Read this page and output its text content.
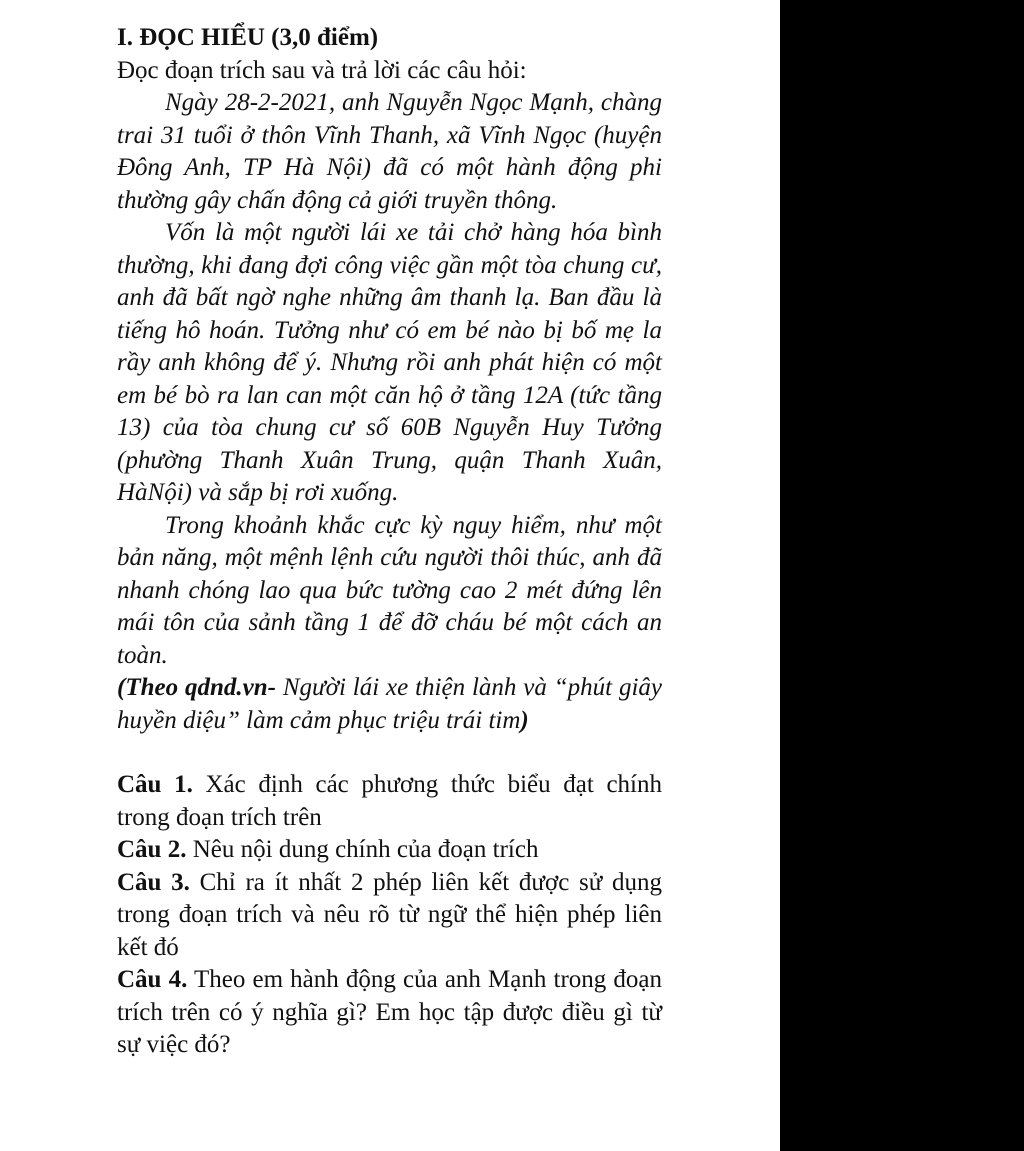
I. ĐỌC HIỂU (3,0 điểm)

Đọc đoạn trích sau và trả lời các câu hỏi:

Ngày 28-2-2021, anh Nguyễn Ngọc Mạnh, chàng trai 31 tuổi ở thôn Vĩnh Thanh, xã Vĩnh Ngọc (huyện Đông Anh, TP Hà Nội) đã có một hành động phi thường gây chấn động cả giới truyền thông.

Vốn là một người lái xe tải chở hàng hóa bình thường, khi đang đợi công việc gần một tòa chung cư, anh đã bất ngờ nghe những âm thanh lạ. Ban đầu là tiếng hô hoán. Tưởng như có em bé nào bị bố mẹ la rầy anh không để ý. Nhưng rồi anh phát hiện có một em bé bò ra lan can một căn hộ ở tầng 12A (tức tầng 13) của tòa chung cư số 60B Nguyễn Huy Tưởng (phường Thanh Xuân Trung, quận Thanh Xuân, HàNội) và sắp bị rơi xuống.

Trong khoảnh khắc cực kỳ nguy hiểm, như một bản năng, một mệnh lệnh cứu người thôi thúc, anh đã nhanh chóng lao qua bức tường cao 2 mét đứng lên mái tôn của sảnh tầng 1 để đỡ cháu bé một cách an toàn.

(Theo qdnd.vn- Người lái xe thiện lành và “phút giây huyền diệu” làm cảm phục triệu trái tim)

Câu 1. Xác định các phương thức biểu đạt chính trong đoạn trích trên

Câu 2. Nêu nội dung chính của đoạn trích

Câu 3. Chỉ ra ít nhất 2 phép liên kết được sử dụng trong đoạn trích và nêu rõ từ ngữ thể hiện phép liên kết đó

Câu 4. Theo em hành động của anh Mạnh trong đoạn trích trên có ý nghĩa gì? Em học tập được điều gì từ sự việc đó?
